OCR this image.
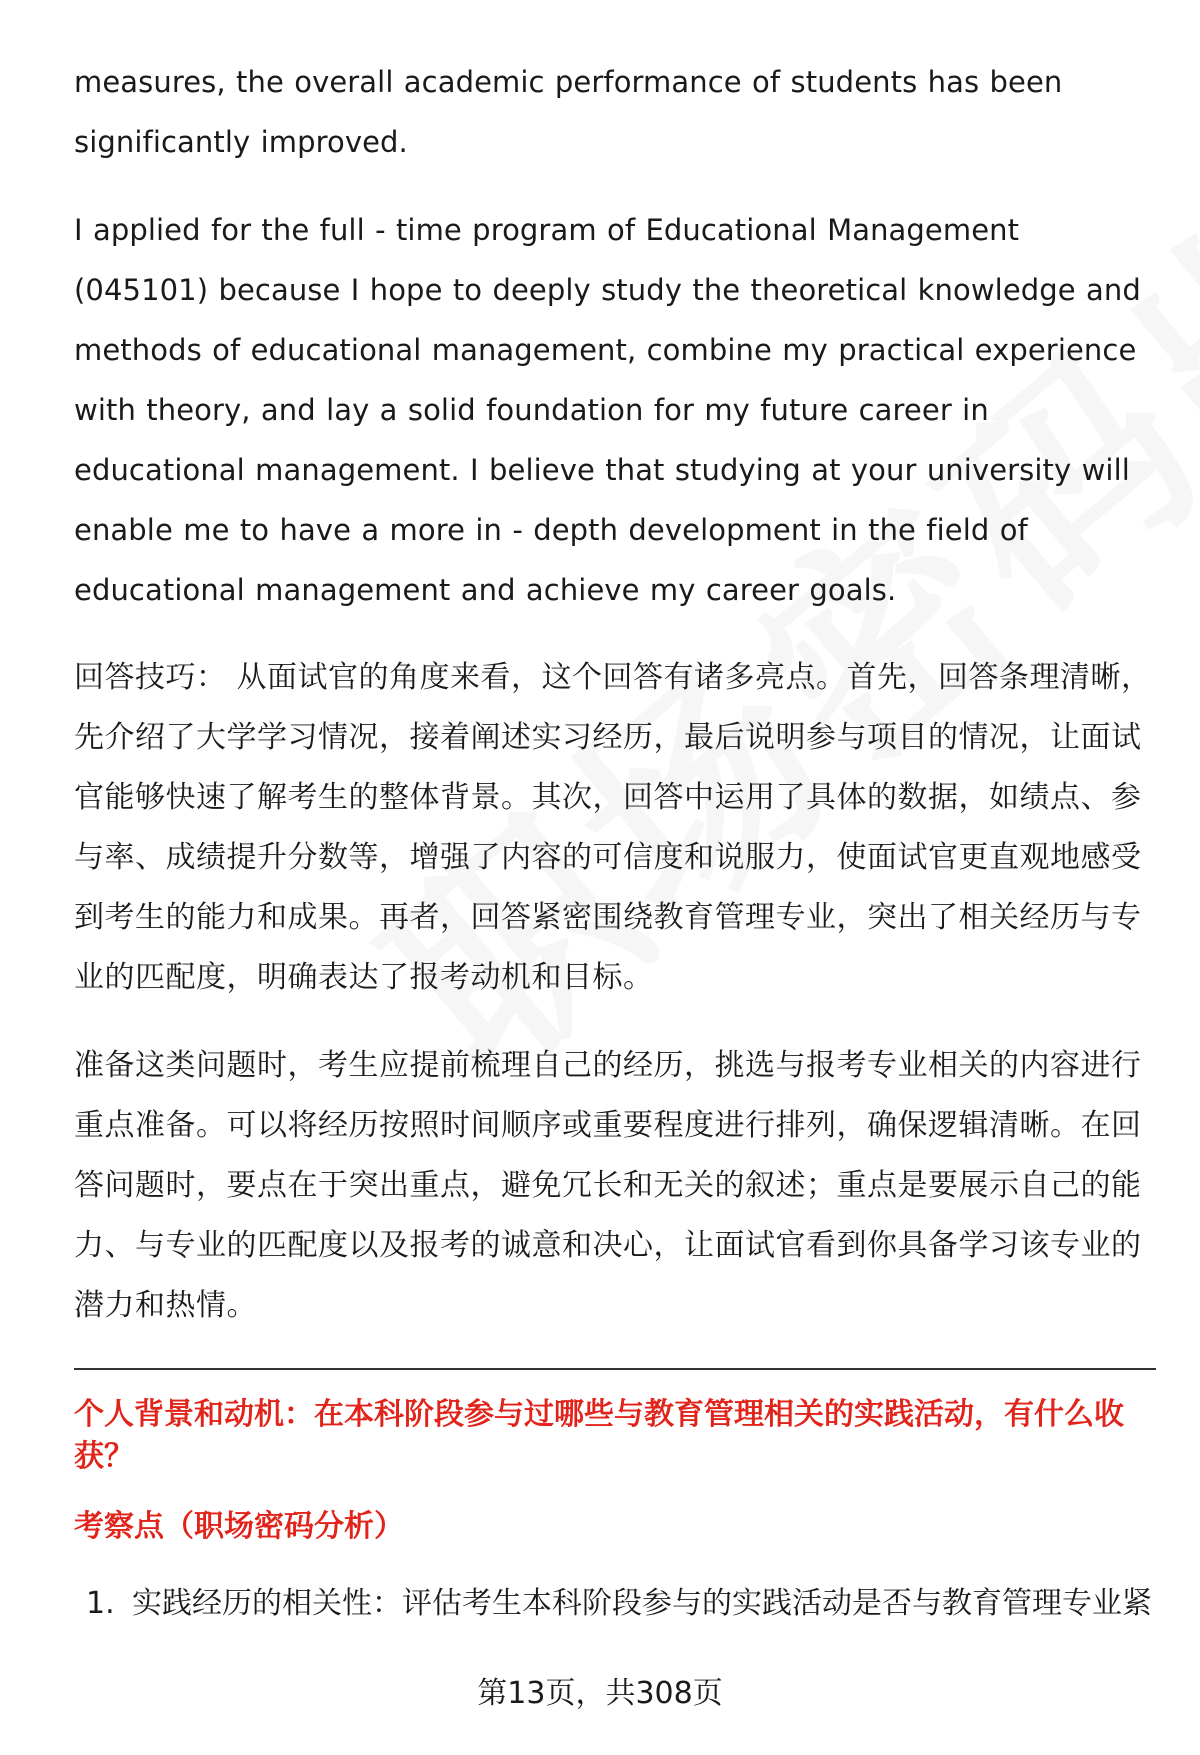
measures, the overall academic performance of students has been significantly improved.

I applied for the full - time program of Educational Management (045101) because I hope to deeply study the theoretical knowledge and methods of educational management, combine my practical experience with theory, and lay a solid foundation for my future career in educational management. I believe that studying at your university will enable me to have a more in - depth development in the field of educational management and achieve my career goals.

回答技巧： 从面试官的角度来看，这个回答有诸多亮点。首先，回答条理清晰，先介绍了大学学习情况，接着阐述实习经历，最后说明参与项目的情况，让面试官能够快速了解考生的整体背景。其次，回答中运用了具体的数据，如绩点、参与率、成绩提升分数等，增强了内容的可信度和说服力，使面试官更直观地感受到考生的能力和成果。再者，回答紧密围绕教育管理专业，突出了相关经历与专业的匹配度，明确表达了报考动机和目标。

准备这类问题时，考生应提前梳理自己的经历，挑选与报考专业相关的内容进行重点准备。可以将经历按照时间顺序或重要程度进行排列，确保逻辑清晰。在回答问题时，要点在于突出重点，避免冗长和无关的叙述；重点是要展示自己的能力、与专业的匹配度以及报考的诚意和决心，让面试官看到你具备学习该专业的潜力和热情。

个人背景和动机：在本科阶段参与过哪些与教育管理相关的实践活动，有什么收获？

考察点（职场密码分析）

1. 实践经历的相关性：评估考生本科阶段参与的实践活动是否与教育管理专业紧
第13页，共308页
